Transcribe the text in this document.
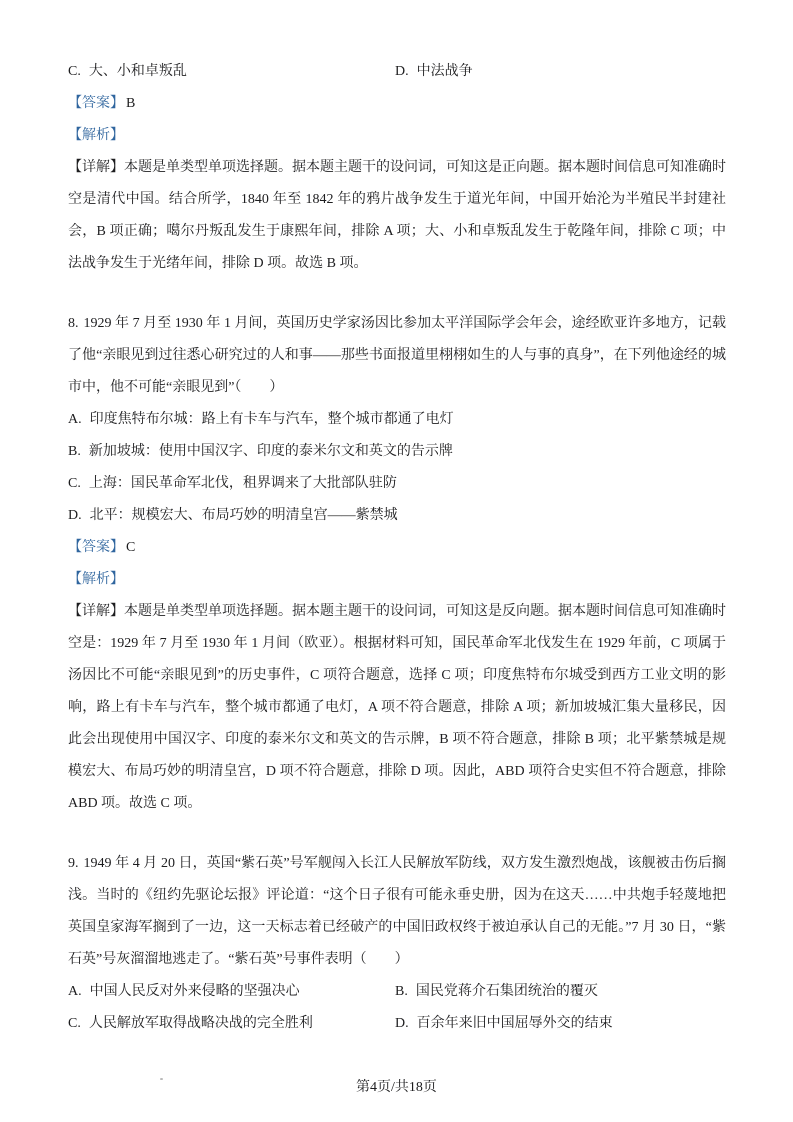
C. 大、小和卓叛乱	D. 中法战争

【答案】 B

【解析】

【详解】本题是单类型单项选择题。据本题主题干的设问词，可知这是正向题。据本题时间信息可知准确时空是清代中国。结合所学，1840 年至 1842 年的鸦片战争发生于道光年间，中国开始沦为半殖民半封建社会，B 项正确；噶尔丹叛乱发生于康熙年间，排除 A 项；大、小和卓叛乱发生于乾隆年间，排除 C 项；中法战争发生于光绪年间，排除 D 项。故选 B 项。

8. 1929 年 7 月至 1930 年 1 月间，英国历史学家汤因比参加太平洋国际学会年会，途经欧亚许多地方，记载了他“亲眼见到过往悉心研究过的人和事——那些书面报道里栩栩如生的人与事的真身”，在下列他途经的城市中，他不可能“亲眼见到”（　　）

A. 印度焦特布尔城：路上有卡车与汽车，整个城市都通了电灯

B. 新加坡城：使用中国汉字、印度的泰米尔文和英文的告示牌

C. 上海：国民革命军北伐，租界调来了大批部队驻防

D. 北平：规模宏大、布局巧妙的明清皇宫——紫禁城

【答案】 C

【解析】

【详解】本题是单类型单项选择题。据本题主题干的设问词，可知这是反向题。据本题时间信息可知准确时空是：1929 年 7 月至 1930 年 1 月间（欧亚）。根据材料可知，国民革命军北伐发生在 1929 年前，C 项属于汤因比不可能“亲眼见到”的历史事件，C 项符合题意，选择 C 项；印度焦特布尔城受到西方工业文明的影响，路上有卡车与汽车，整个城市都通了电灯，A 项不符合题意，排除 A 项；新加坡城汇集大量移民，因此会出现使用中国汉字、印度的泰米尔文和英文的告示牌，B 项不符合题意，排除 B 项；北平紫禁城是规模宏大、布局巧妙的明清皇宫，D 项不符合题意，排除 D 项。因此，ABD 项符合史实但不符合题意，排除 ABD 项。故选 C 项。

9. 1949 年 4 月 20 日，英国“紫石英”号军舰闯入长江人民解放军防线，双方发生激烈炮战，该舰被击伤后搁浅。当时的《纽约先驱论坛报》评论道：“这个日子很有可能永垂史册，因为在这天……中共炮手轻蔑地把英国皇家海军搁到了一边，这一天标志着已经破产的中国旧政权终于被迫承认自己的无能。”7 月 30 日，“紫石英”号灰溜溜地逃走了。“紫石英”号事件表明（　　）

A. 中国人民反对外来侵略的坚强决心	B. 国民党蒋介石集团统治的覆灭
C. 人民解放军取得战略决战的完全胜利	D. 百余年来旧中国屈辱外交的结束
第4页/共18页
